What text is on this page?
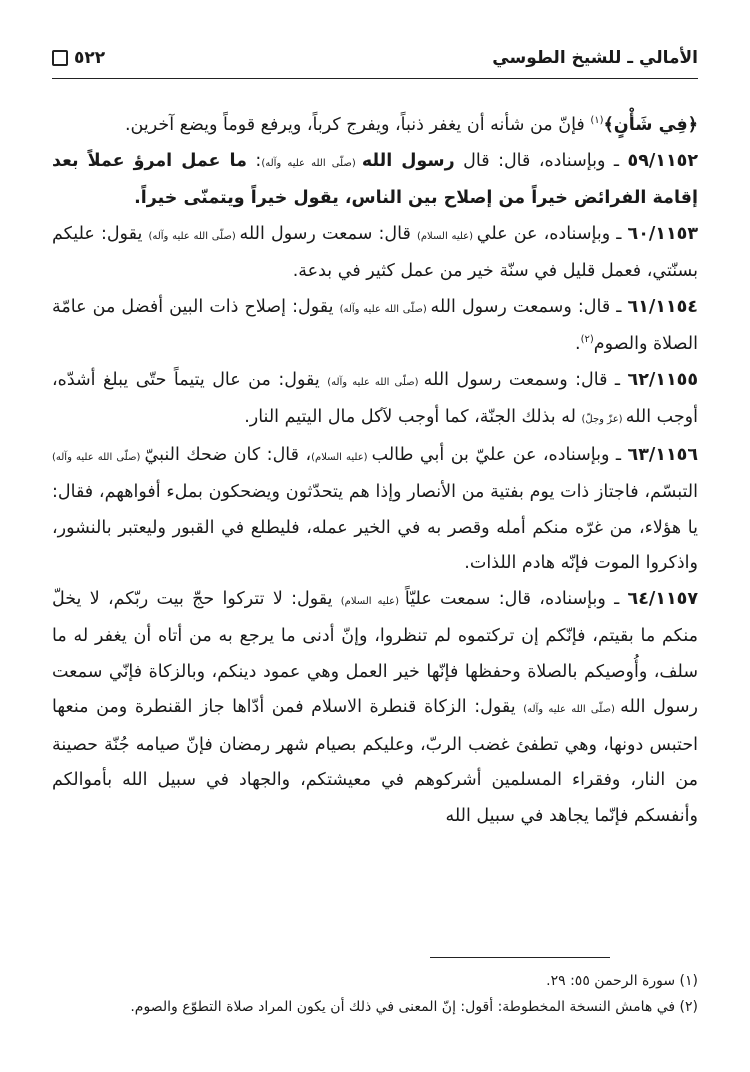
الأمالي ـ للشيخ الطوسي
٥٢٢

﴿فِي شَأْنٍ﴾$^{(١)}$ فإنّ من شأنه أن يغفر ذنباً، ويفرج كرباً، ويرفع قوماً ويضع آخرين.

٥٩/١١٥٢ ـ وبإسناده، قال: قال رسول الله (صلّى الله عليه وآله): ما عمل امرؤ عملاً بعد إقامة الفرائض خيراً من إصلاح بين الناس، يقول خيراً ويتمنّى خيراً.

٦٠/١١٥٣ ـ وبإسناده، عن علي (عليه السلام) قال: سمعت رسول الله (صلّى الله عليه وآله) يقول: عليكم بسنّتي، فعمل قليل في سنّة خير من عمل كثير في بدعة.

٦١/١١٥٤ ـ قال: وسمعت رسول الله (صلّى الله عليه وآله) يقول: إصلاح ذات البين أفضل من عامّة الصلاة والصوم$^{(٢)}$.

٦٢/١١٥٥ ـ قال: وسمعت رسول الله (صلّى الله عليه وآله) يقول: من عال يتيماً حتّى يبلغ أشدّه، أوجب الله (عزّ وجلّ) له بذلك الجنّة، كما أوجب لآكل مال اليتيم النار.

٦٣/١١٥٦ ـ وبإسناده، عن عليّ بن أبي طالب (عليه السلام)، قال: كان ضحك النبيّ (صلّى الله عليه وآله) التبسّم، فاجتاز ذات يوم بفتية من الأنصار وإذا هم يتحدّثون ويضحكون بملء أفواههم، فقال: يا هؤلاء، من غرّه منكم أمله وقصر به في الخير عمله، فليطلع في القبور وليعتبر بالنشور، واذكروا الموت فإنّه هادم اللذات.

٦٤/١١٥٧ ـ وبإسناده، قال: سمعت عليّاً (عليه السلام) يقول: لا تتركوا حجّ بيت ربّكم، لا يخلّ منكم ما بقيتم، فإنّكم إن تركتموه لم تنظروا، وإنّ أدنى ما يرجع به من أتاه أن يغفر له ما سلف، وأُوصيكم بالصلاة وحفظها فإنّها خير العمل وهي عمود دينكم، وبالزكاة فإنّي سمعت رسول الله (صلّى الله عليه وآله) يقول: الزكاة قنطرة الاسلام فمن أدّاها جاز القنطرة ومن منعها احتبس دونها، وهي تطفئ غضب الربّ، وعليكم بصيام شهر رمضان فإنّ صيامه جُنّة حصينة من النار، وفقراء المسلمين أشركوهم في معيشتكم، والجهاد في سبيل الله بأموالكم وأنفسكم فإنّما يجاهد في سبيل الله

(١) سورة الرحمن ٥٥: ٢٩.

(٢) في هامش النسخة المخطوطة: أقول: إنّ المعنى في ذلك أن يكون المراد صلاة التطوّع والصوم.
